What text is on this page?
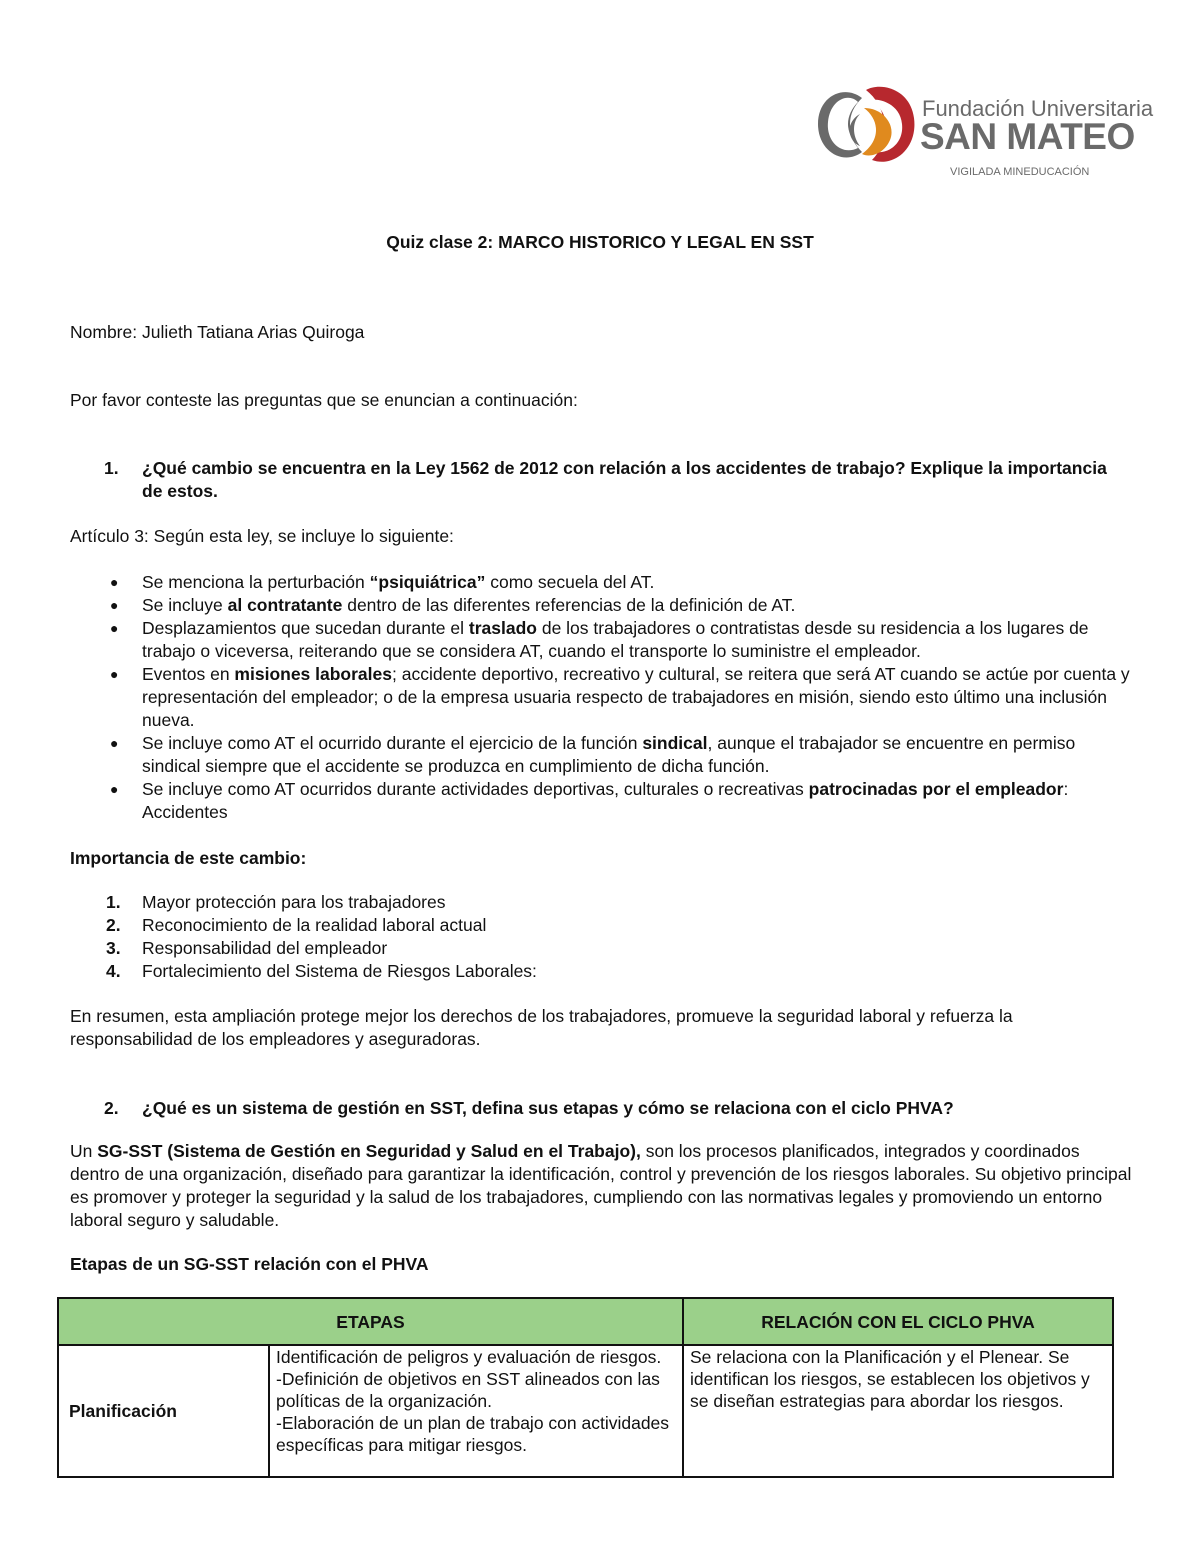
Fundación Universitaria
SAN MATEO
VIGILADA MINEDUCACIÓN
Quiz clase 2: MARCO HISTORICO Y LEGAL EN SST
Nombre: Julieth Tatiana Arias Quiroga
Por favor conteste las preguntas que se enuncian a continuación:
1. ¿Qué cambio se encuentra en la Ley 1562 de 2012 con relación a los accidentes de trabajo? Explique la importancia de estos.
Artículo 3: Según esta ley, se incluye lo siguiente:
● Se menciona la perturbación “psiquiátrica” como secuela del AT.
● Se incluye al contratante dentro de las diferentes referencias de la definición de AT.
● Desplazamientos que sucedan durante el traslado de los trabajadores o contratistas desde su residencia a los lugares de trabajo o viceversa, reiterando que se considera AT, cuando el transporte lo suministre el empleador.
● Eventos en misiones laborales; accidente deportivo, recreativo y cultural, se reitera que será AT cuando se actúe por cuenta y representación del empleador; o de la empresa usuaria respecto de trabajadores en misión, siendo esto último una inclusión nueva.
● Se incluye como AT el ocurrido durante el ejercicio de la función sindical, aunque el trabajador se encuentre en permiso sindical siempre que el accidente se produzca en cumplimiento de dicha función.
● Se incluye como AT ocurridos durante actividades deportivas, culturales o recreativas patrocinadas por el empleador: Accidentes
Importancia de este cambio:
1. Mayor protección para los trabajadores
2. Reconocimiento de la realidad laboral actual
3. Responsabilidad del empleador
4. Fortalecimiento del Sistema de Riesgos Laborales:
En resumen, esta ampliación protege mejor los derechos de los trabajadores, promueve la seguridad laboral y refuerza la responsabilidad de los empleadores y aseguradoras.
2. ¿Qué es un sistema de gestión en SST, defina sus etapas y cómo se relaciona con el ciclo PHVA?
Un SG-SST (Sistema de Gestión en Seguridad y Salud en el Trabajo), son los procesos planificados, integrados y coordinados dentro de una organización, diseñado para garantizar la identificación, control y prevención de los riesgos laborales. Su objetivo principal es promover y proteger la seguridad y la salud de los trabajadores, cumpliendo con las normativas legales y promoviendo un entorno laboral seguro y saludable.
Etapas de un SG-SST relación con el PHVA
ETAPAS		RELACIÓN CON EL CICLO PHVA
Planificación	Identificación de peligros y evaluación de riesgos.
-Definición de objetivos en SST alineados con las políticas de la organización.
-Elaboración de un plan de trabajo con actividades específicas para mitigar riesgos.	Se relaciona con la Planificación y el Plenear. Se identifican los riesgos, se establecen los objetivos y se diseñan estrategias para abordar los riesgos.
